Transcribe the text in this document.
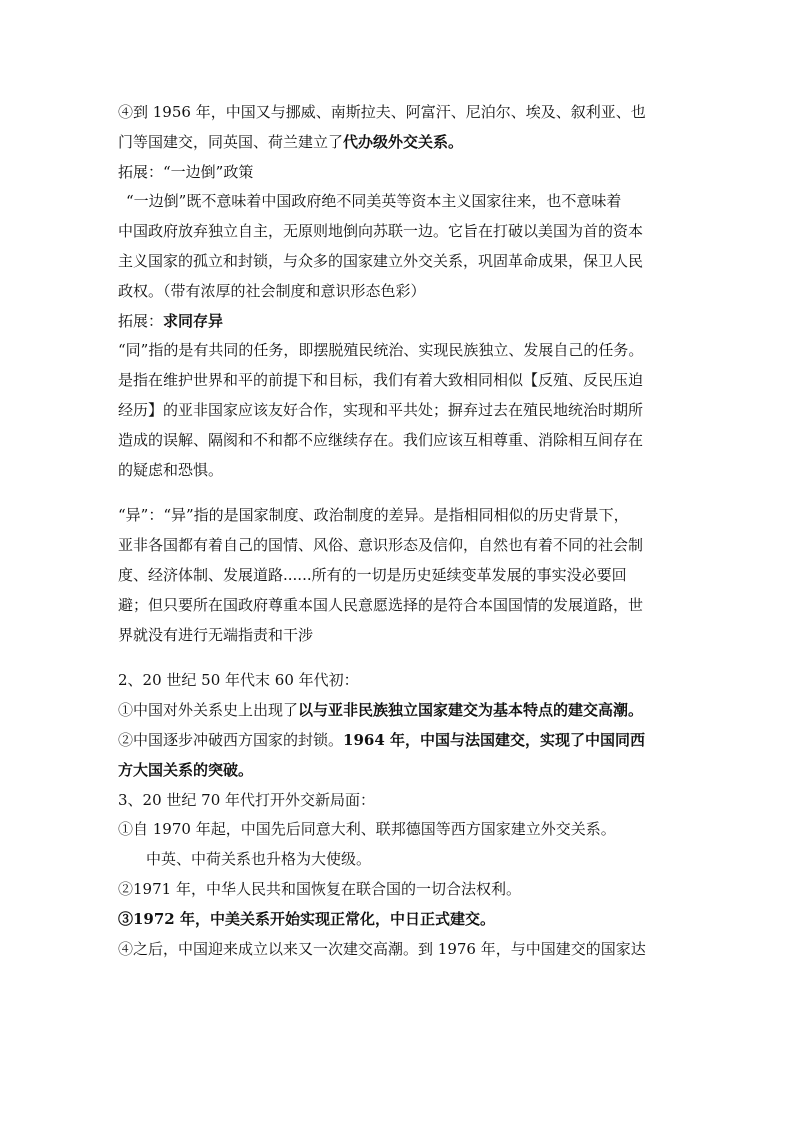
④到 1956 年，中国又与挪威、南斯拉夫、阿富汗、尼泊尔、埃及、叙利亚、也
门等国建交，同英国、荷兰建立了代办级外交关系。
拓展：“一边倒”政策
“一边倒”既不意味着中国政府绝不同美英等资本主义国家往来，也不意味着
中国政府放弃独立自主，无原则地倒向苏联一边。它旨在打破以美国为首的资本
主义国家的孤立和封锁，与众多的国家建立外交关系，巩固革命成果，保卫人民
政权。（带有浓厚的社会制度和意识形态色彩）
拓展：求同存异
“同”指的是有共同的任务，即摆脱殖民统治、实现民族独立、发展自己的任务。
是指在维护世界和平的前提下和目标，我们有着大致相同相似【反殖、反民压迫
经历】的亚非国家应该友好合作，实现和平共处；摒弃过去在殖民地统治时期所
造成的误解、隔阂和不和都不应继续存在。我们应该互相尊重、消除相互间存在
的疑虑和恐惧。
“异”：“异”指的是国家制度、政治制度的差异。是指相同相似的历史背景下，
亚非各国都有着自己的国情、风俗、意识形态及信仰，自然也有着不同的社会制
度、经济体制、发展道路......所有的一切是历史延续变革发展的事实没必要回
避；但只要所在国政府尊重本国人民意愿选择的是符合本国国情的发展道路，世
界就没有进行无端指责和干涉
2、20 世纪 50 年代末 60 年代初：
①中国对外关系史上出现了以与亚非民族独立国家建交为基本特点的建交高潮。
②中国逐步冲破西方国家的封锁。1964 年，中国与法国建交，实现了中国同西
方大国关系的突破。
3、20 世纪 70 年代打开外交新局面：
①自 1970 年起，中国先后同意大利、联邦德国等西方国家建立外交关系。
中英、中荷关系也升格为大使级。
②1971 年，中华人民共和国恢复在联合国的一切合法权利。
③1972 年，中美关系开始实现正常化，中日正式建交。
④之后，中国迎来成立以来又一次建交高潮。到 1976 年，与中国建交的国家达
